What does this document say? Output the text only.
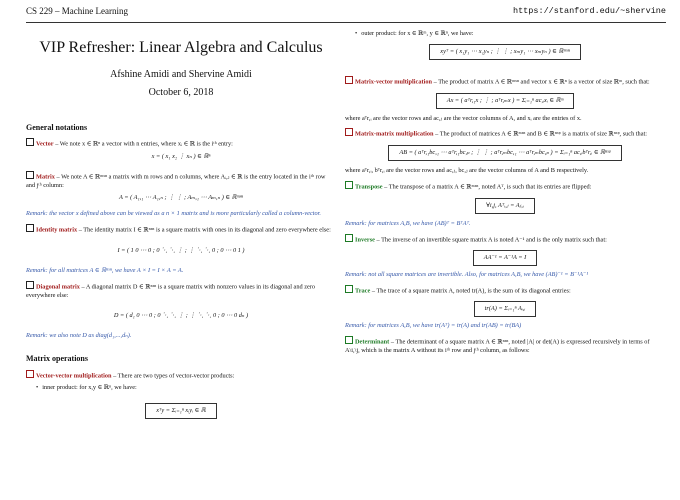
CS 229 – Machine Learning	https://stanford.edu/~shervine
VIP Refresher: Linear Algebra and Calculus
Afshine Amidi and Shervine Amidi
October 6, 2018
General notations
Vector – We note x ∈ ℝⁿ a vector with n entries, where xᵢ ∈ ℝ is the iᵗʰ entry:
x = ( x₁ x₂ ⋮ xₙ ) ∈ ℝⁿ
Matrix – We note A ∈ ℝᵐˣⁿ a matrix with m rows and n columns, where Aᵢ,ⱼ ∈ ℝ is the entry located in the iᵗʰ row and jᵗʰ column:
A = ( A₁,₁ ⋯ A₁,ₙ ; ⋮ ⋮ ; Aₘ,₁ ⋯ Aₘ,ₙ ) ∈ ℝᵐˣⁿ
Remark: the vector x defined above can be viewed as a n × 1 matrix and is more particularly called a column-vector.
Identity matrix – The identity matrix I ∈ ℝⁿˣⁿ is a square matrix with ones in its diagonal and zero everywhere else:
I = ( 1 0 ⋯ 0 ; 0 ⋱ ⋱ ⋮ ; ⋮ ⋱ ⋱ 0 ; 0 ⋯ 0 1 )
Remark: for all matrices A ∈ ℝⁿˣⁿ, we have A × I = I × A = A.
Diagonal matrix – A diagonal matrix D ∈ ℝⁿˣⁿ is a square matrix with nonzero values in its diagonal and zero everywhere else:
D = ( d₁ 0 ⋯ 0 ; 0 ⋱ ⋱ ⋮ ; ⋮ ⋱ ⋱ 0 ; 0 ⋯ 0 dₙ )
Remark: we also note D as diag(d₁,...,dₙ).
Matrix operations
Vector-vector multiplication – There are two types of vector-vector products:
• inner product: for x,y ∈ ℝⁿ, we have:
xᵀy = Σᵢ₌₁ⁿ xᵢyᵢ ∈ ℝ
• outer product: for x ∈ ℝᵐ, y ∈ ℝⁿ, we have:
xyᵀ = ( x₁y₁ ⋯ x₁yₙ ; ⋮ ⋮ ; xₘy₁ ⋯ xₘyₙ ) ∈ ℝᵐˣⁿ
Matrix-vector multiplication – The product of matrix A ∈ ℝᵐˣⁿ and vector x ∈ ℝⁿ is a vector of size ℝᵐ, such that:
Ax = ( aᵀr,₁x ; ⋮ ; aᵀr,ₘx ) = Σᵢ₌₁ⁿ ac,ᵢxᵢ ∈ ℝᵐ

where aᵀr,ᵢ are the vector rows and ac,ⱼ are the vector columns of A, and xᵢ are the entries of x.

Matrix-matrix multiplication – The product of matrices A ∈ ℝᵐˣⁿ and B ∈ ℝⁿˣᵖ is a matrix of size ℝⁿˣᵖ, such that:
AB = ( aᵀr,₁bc,₁ ⋯ aᵀr,₁bc,ₚ ; ⋮ ⋮ ; aᵀr,ₘbc,₁ ⋯ aᵀr,ₘbc,ₚ ) = Σᵢ₌₁ⁿ ac,ᵢbᵀr,ᵢ ∈ ℝⁿˣᵖ

where aᵀr,ᵢ, bᵀr,ᵢ are the vector rows and ac,ⱼ, bc,ⱼ are the vector columns of A and B respectively.

Transpose – The transpose of a matrix A ∈ ℝᵐˣⁿ, noted Aᵀ, is such that its entries are flipped:
∀i,j, Aᵀᵢ,ⱼ = Aⱼ,ᵢ
Remark: for matrices A,B, we have (AB)ᵀ = BᵀAᵀ.
Inverse – The inverse of an invertible square matrix A is noted A⁻¹ and is the only matrix such that:
AA⁻¹ = A⁻¹A = I
Remark: not all square matrices are invertible. Also, for matrices A,B, we have (AB)⁻¹ = B⁻¹A⁻¹
Trace – The trace of a square matrix A, noted tr(A), is the sum of its diagonal entries:
tr(A) = Σᵢ₌₁ⁿ Aᵢ,ᵢ
Remark: for matrices A,B, we have tr(Aᵀ) = tr(A) and tr(AB) = tr(BA)
Determinant – The determinant of a square matrix A ∈ ℝⁿˣⁿ, noted |A| or det(A) is expressed recursively in terms of A\i,\j, which is the matrix A without its iᵗʰ row and jᵗʰ column, as follows:
